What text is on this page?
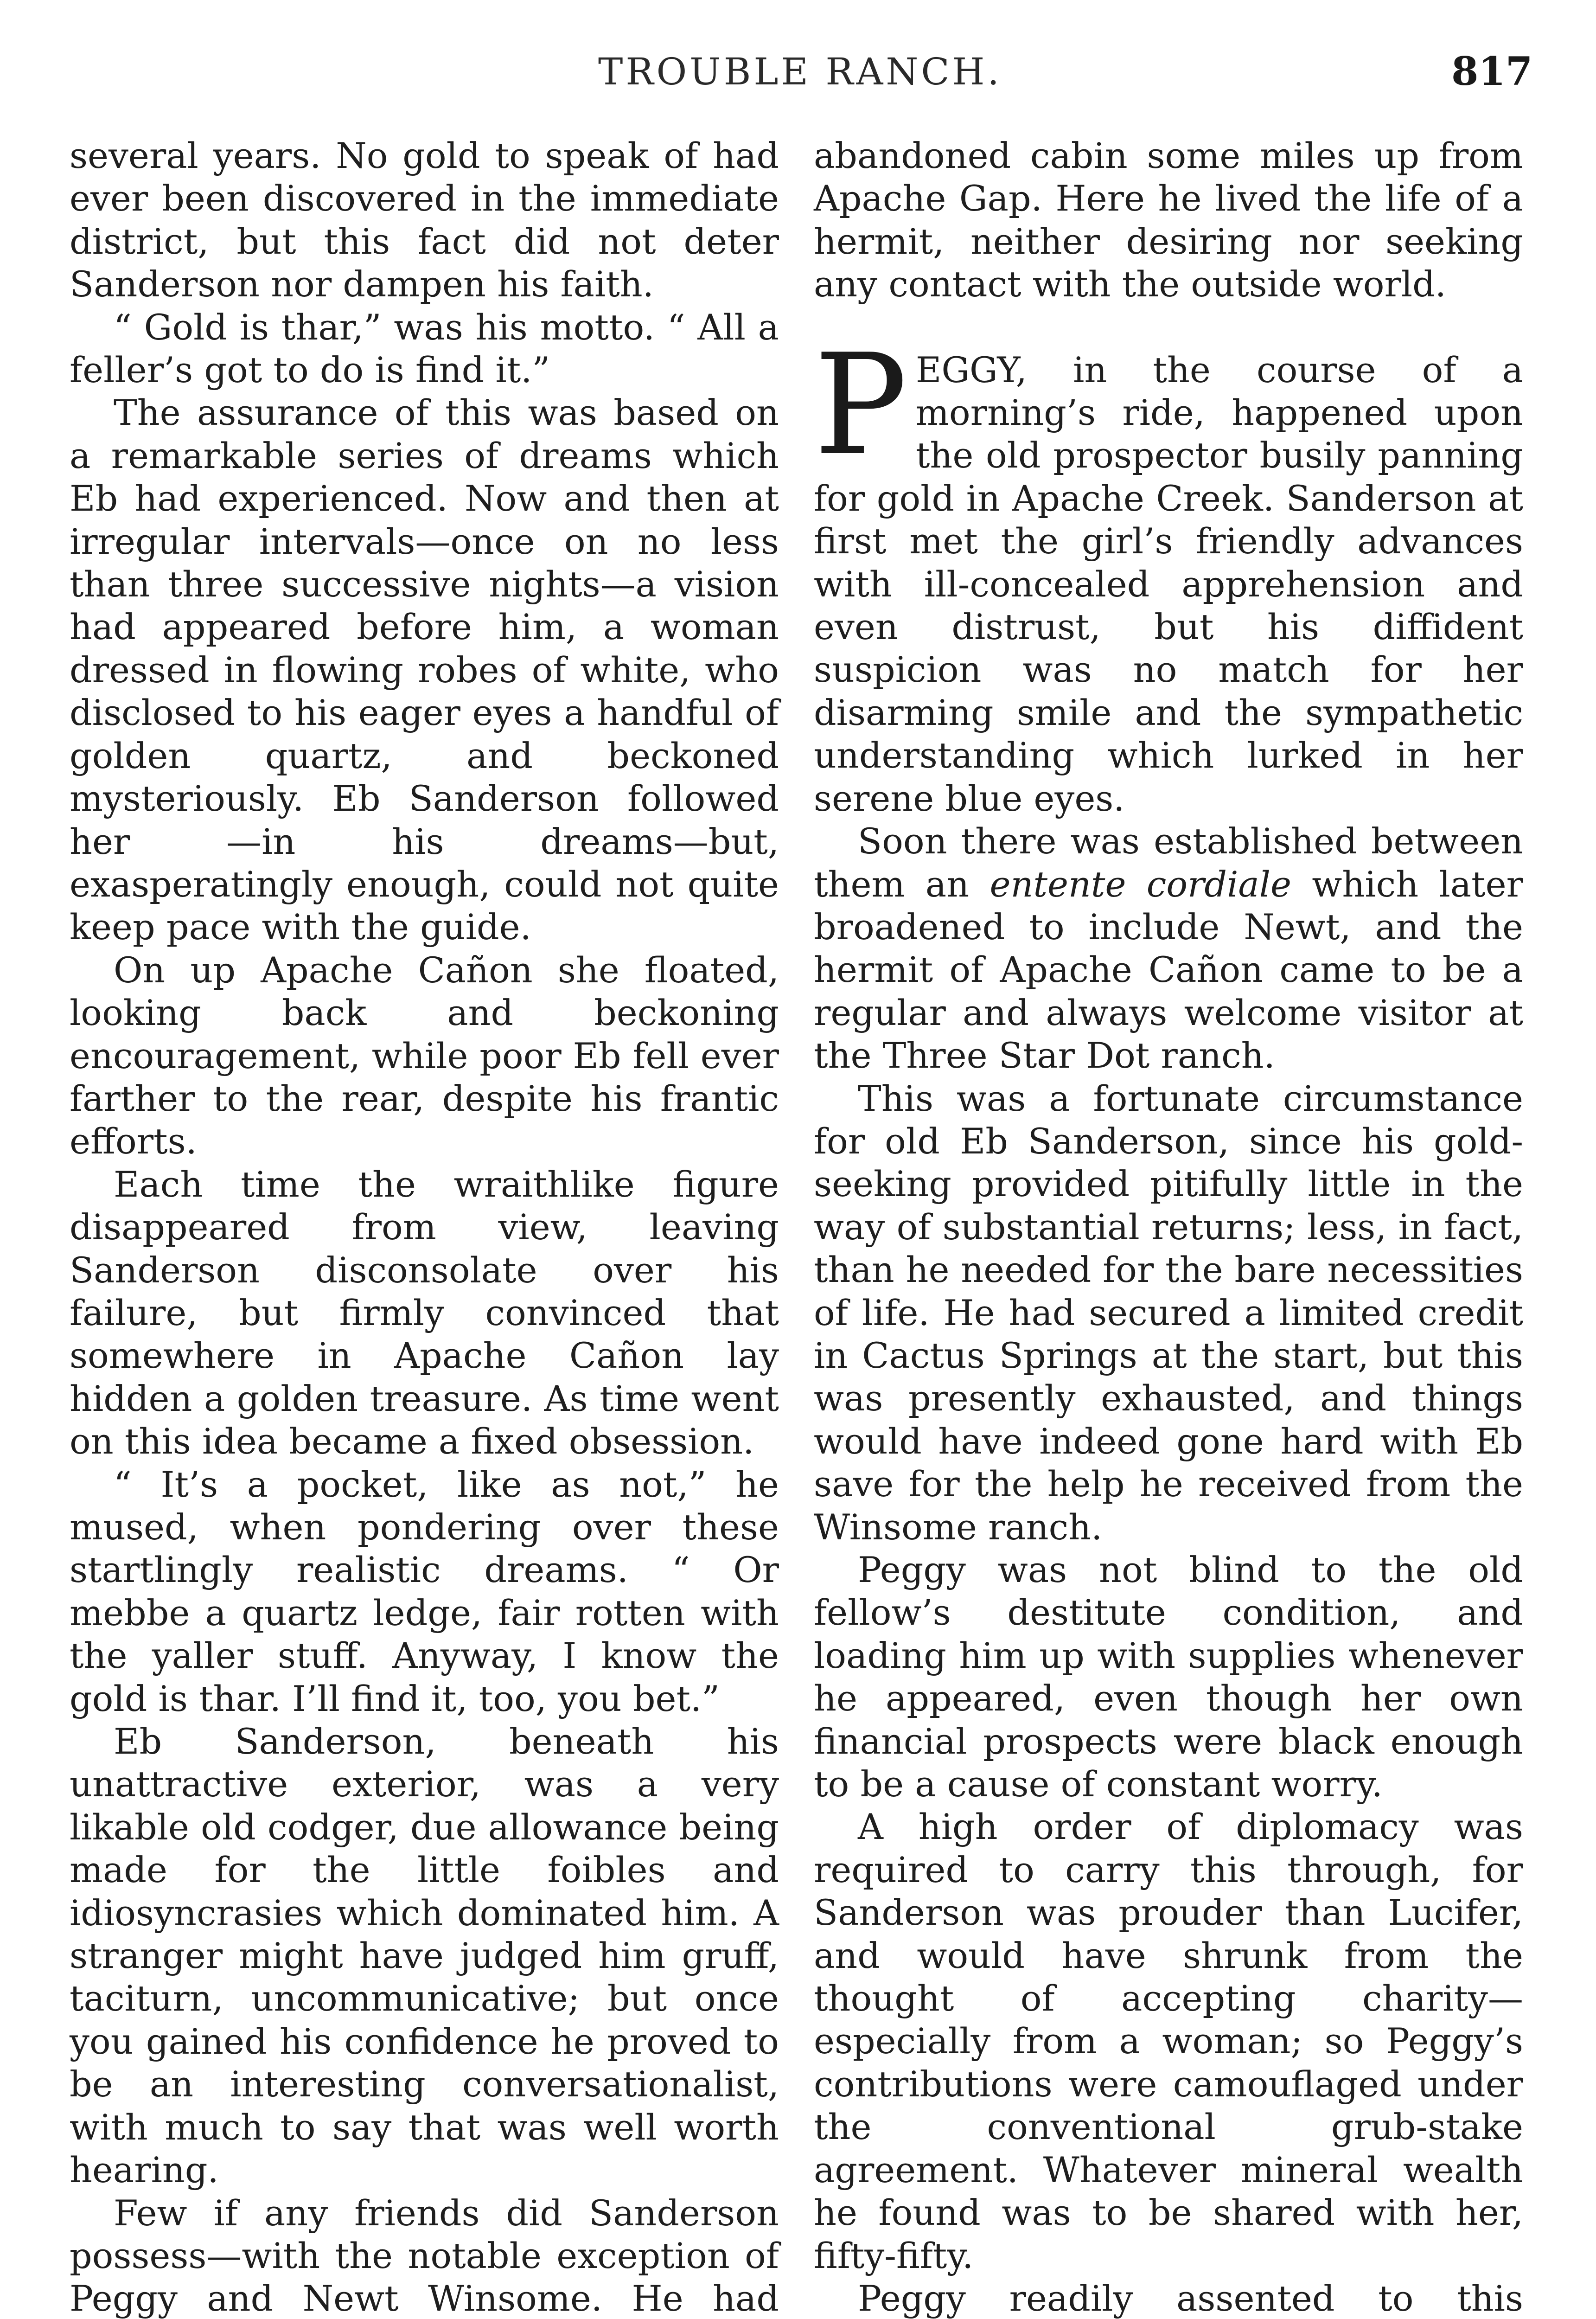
TROUBLE RANCH.	817

several years. No gold to speak of had ever been discovered in the immediate district, but this fact did not deter Sanderson nor dampen his faith.

“ Gold is thar,” was his motto. “ All a feller’s got to do is find it.”

The assurance of this was based on a remarkable series of dreams which Eb had experienced. Now and then at irregular intervals—once on no less than three successive nights—a vision had appeared before him, a woman dressed in flowing robes of white, who disclosed to his eager eyes a handful of golden quartz, and beckoned mysteriously. Eb Sanderson followed her —in his dreams—but, exasperatingly enough, could not quite keep pace with the guide.

On up Apache Cañon she floated, looking back and beckoning encouragement, while poor Eb fell ever farther to the rear, despite his frantic efforts.

Each time the wraithlike figure disappeared from view, leaving Sanderson disconsolate over his failure, but firmly convinced that somewhere in Apache Cañon lay hidden a golden treasure. As time went on this idea became a fixed obsession.

“ It’s a pocket, like as not,” he mused, when pondering over these startlingly realistic dreams. “ Or mebbe a quartz ledge, fair rotten with the yaller stuff. Anyway, I know the gold is thar. I’ll find it, too, you bet.”

Eb Sanderson, beneath his unattractive exterior, was a very likable old codger, due allowance being made for the little foibles and idiosyncrasies which dominated him. A stranger might have judged him gruff, taciturn, uncommunicative; but once you gained his confidence he proved to be an interesting conversationalist, with much to say that was well worth hearing.

Few if any friends did Sanderson possess—with the notable exception of Peggy and Newt Winsome. He had

abandoned cabin some miles up from Apache Gap. Here he lived the life of a hermit, neither desiring nor seeking any contact with the outside world.

PEGGY, in the course of a morning’s ride, happened upon the old prospector busily panning for gold in Apache Creek. Sanderson at first met the girl’s friendly advances with ill-concealed apprehension and even distrust, but his diffident suspicion was no match for her disarming smile and the sympathetic understanding which lurked in her serene blue eyes.

Soon there was established between them an entente cordiale which later broadened to include Newt, and the hermit of Apache Cañon came to be a regular and always welcome visitor at the Three Star Dot ranch.

This was a fortunate circumstance for old Eb Sanderson, since his gold-seeking provided pitifully little in the way of substantial returns; less, in fact, than he needed for the bare necessities of life. He had secured a limited credit in Cactus Springs at the start, but this was presently exhausted, and things would have indeed gone hard with Eb save for the help he received from the Winsome ranch.

Peggy was not blind to the old fellow’s destitute condition, and loading him up with supplies whenever he appeared, even though her own financial prospects were black enough to be a cause of constant worry.

A high order of diplomacy was required to carry this through, for Sanderson was prouder than Lucifer, and would have shrunk from the thought of accepting charity—especially from a woman; so Peggy’s contributions were camouflaged under the conventional grub-stake agreement. Whatever mineral wealth he found was to be shared with her, fifty-fifty.

Peggy readily assented to this
